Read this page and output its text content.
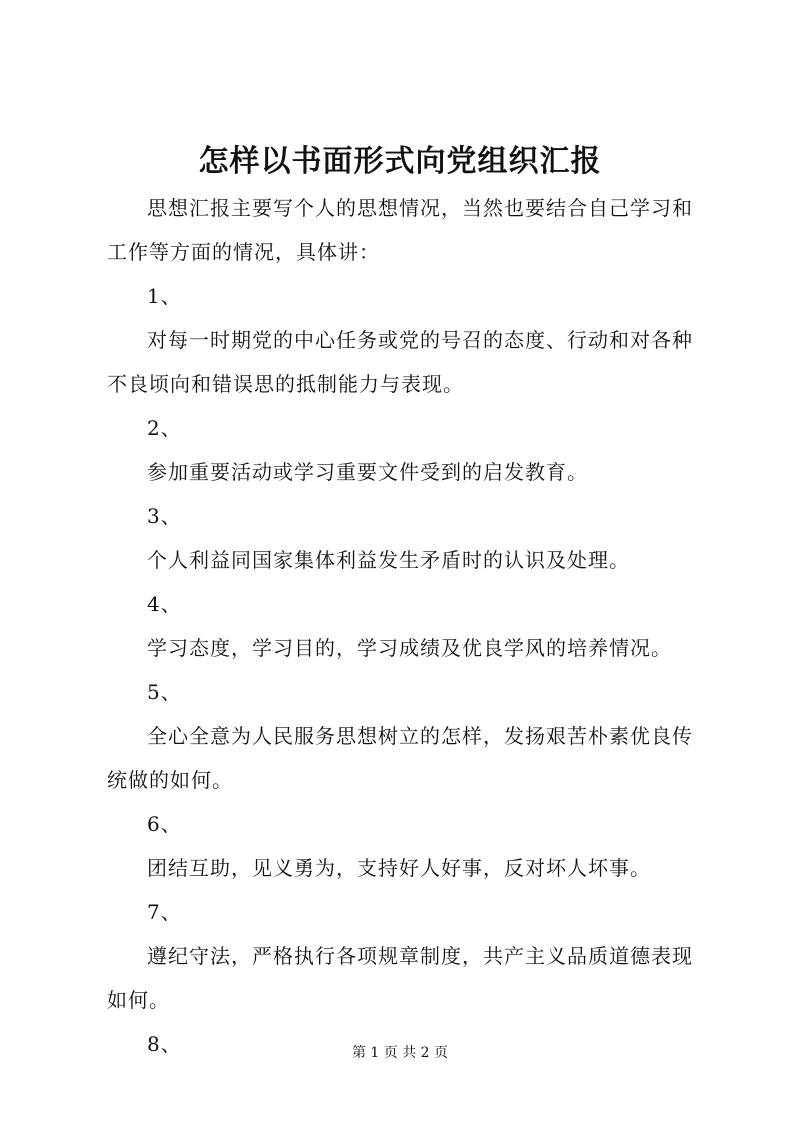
怎样以书面形式向党组织汇报

思想汇报主要写个人的思想情况，当然也要结合自己学习和工作等方面的情况，具体讲：

1、

对每一时期党的中心任务或党的号召的态度、行动和对各种不良顷向和错误思的抵制能力与表现。

2、

参加重要活动或学习重要文件受到的启发教育。

3、

个人利益同国家集体利益发生矛盾时的认识及处理。

4、

学习态度，学习目的，学习成绩及优良学风的培养情况。

5、

全心全意为人民服务思想树立的怎样，发扬艰苦朴素优良传统做的如何。

6、

团结互助，见义勇为，支持好人好事，反对坏人坏事。

7、

遵纪守法，严格执行各项规章制度，共产主义品质道德表现如何。

8、	第 1 页 共 2 页
